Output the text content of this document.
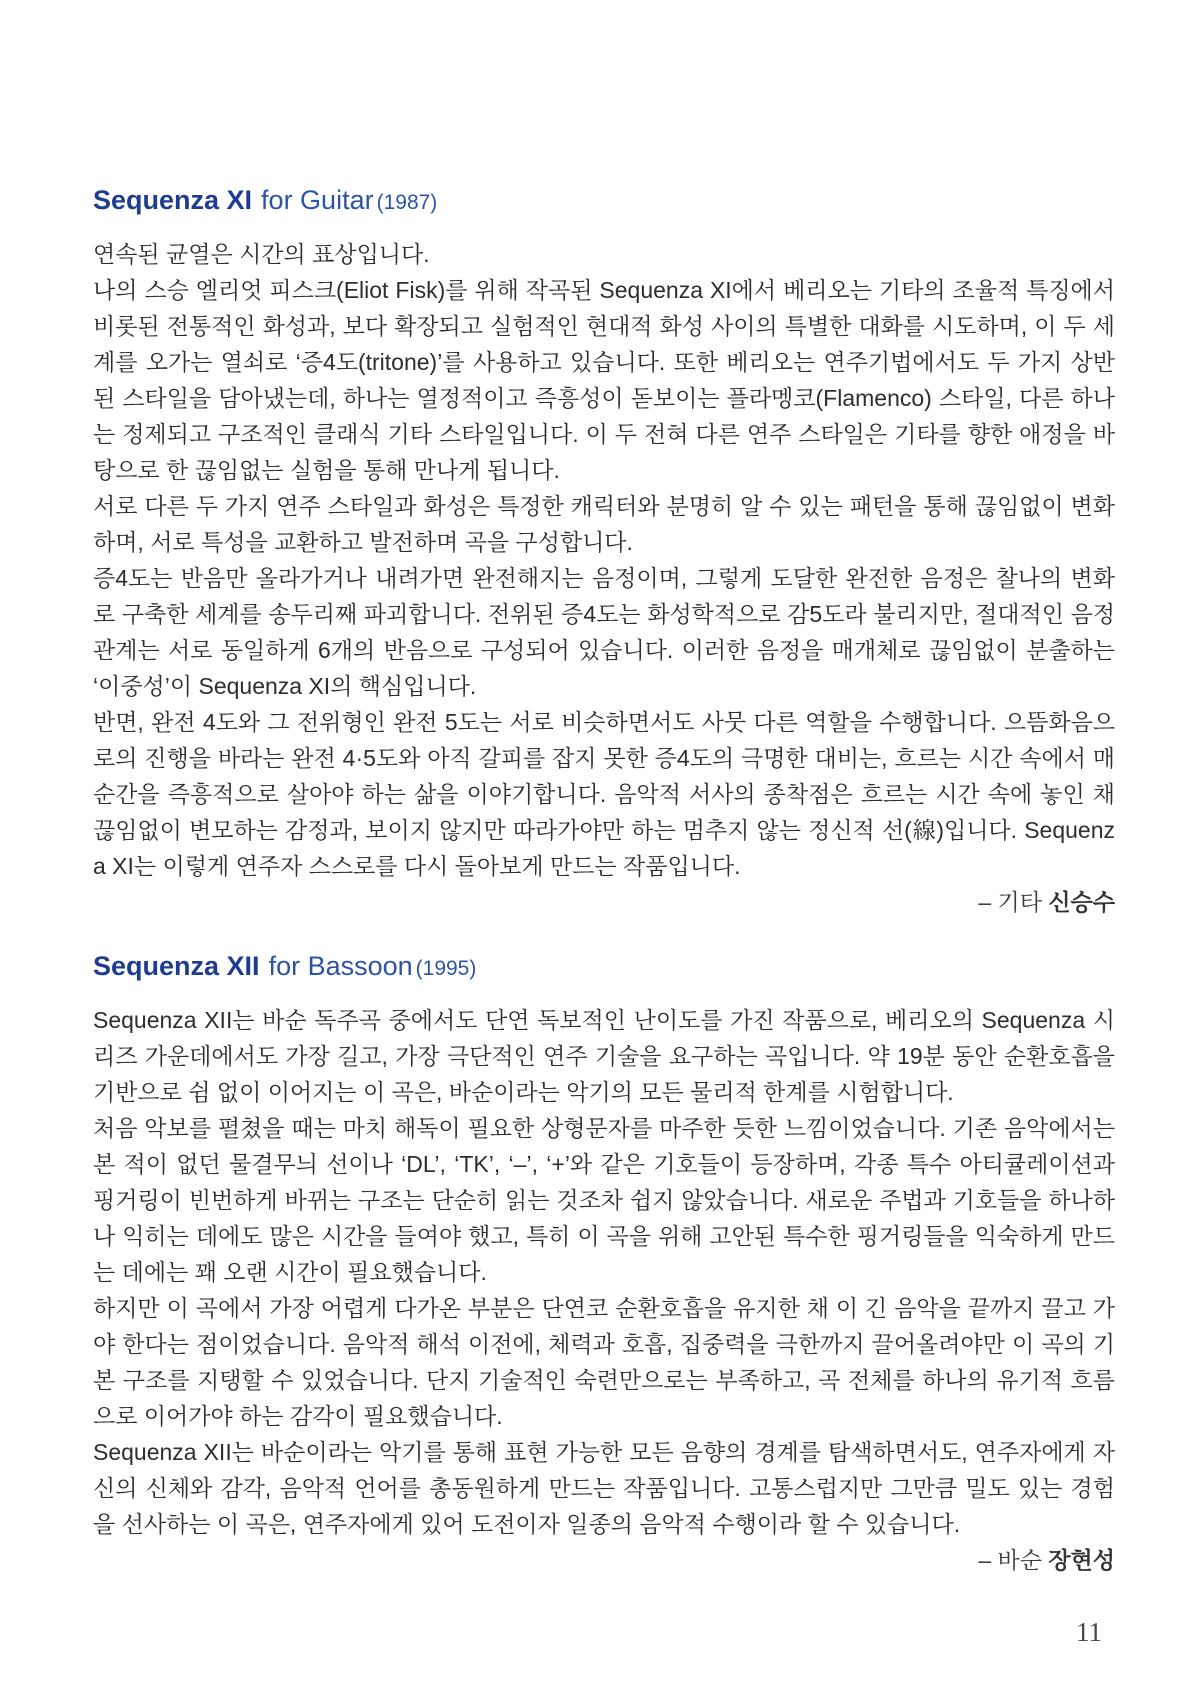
Sequenza XI for Guitar (1987)

연속된 균열은 시간의 표상입니다.

나의 스승 엘리엇 피스크(Eliot Fisk)를 위해 작곡된 Sequenza XI에서 베리오는 기타의 조율적 특징에서 비롯된 전통적인 화성과, 보다 확장되고 실험적인 현대적 화성 사이의 특별한 대화를 시도하며, 이 두 세계를 오가는 열쇠로 ‘증4도(tritone)’를 사용하고 있습니다. 또한 베리오는 연주기법에서도 두 가지 상반된 스타일을 담아냈는데, 하나는 열정적이고 즉흥성이 돋보이는 플라멩코(Flamenco) 스타일, 다른 하나는 정제되고 구조적인 클래식 기타 스타일입니다. 이 두 전혀 다른 연주 스타일은 기타를 향한 애정을 바탕으로 한 끊임없는 실험을 통해 만나게 됩니다.

서로 다른 두 가지 연주 스타일과 화성은 특정한 캐릭터와 분명히 알 수 있는 패턴을 통해 끊임없이 변화하며, 서로 특성을 교환하고 발전하며 곡을 구성합니다.

증4도는 반음만 올라가거나 내려가면 완전해지는 음정이며, 그렇게 도달한 완전한 음정은 찰나의 변화로 구축한 세계를 송두리째 파괴합니다. 전위된 증4도는 화성학적으로 감5도라 불리지만, 절대적인 음정 관계는 서로 동일하게 6개의 반음으로 구성되어 있습니다. 이러한 음정을 매개체로 끊임없이 분출하는 ‘이중성’이 Sequenza XI의 핵심입니다.

반면, 완전 4도와 그 전위형인 완전 5도는 서로 비슷하면서도 사뭇 다른 역할을 수행합니다. 으뜸화음으로의 진행을 바라는 완전 4·5도와 아직 갈피를 잡지 못한 증4도의 극명한 대비는, 흐르는 시간 속에서 매 순간을 즉흥적으로 살아야 하는 삶을 이야기합니다. 음악적 서사의 종착점은 흐르는 시간 속에 놓인 채 끊임없이 변모하는 감정과, 보이지 않지만 따라가야만 하는 멈추지 않는 정신적 선(線)입니다. Sequenza XI는 이렇게 연주자 스스로를 다시 돌아보게 만드는 작품입니다.

– 기타 신승수
Sequenza XII for Bassoon (1995)

Sequenza XII는 바순 독주곡 중에서도 단연 독보적인 난이도를 가진 작품으로, 베리오의 Sequenza 시리즈 가운데에서도 가장 길고, 가장 극단적인 연주 기술을 요구하는 곡입니다. 약 19분 동안 순환호흡을 기반으로 쉼 없이 이어지는 이 곡은, 바순이라는 악기의 모든 물리적 한계를 시험합니다.

처음 악보를 펼쳤을 때는 마치 해독이 필요한 상형문자를 마주한 듯한 느낌이었습니다. 기존 음악에서는 본 적이 없던 물결무늬 선이나 ‘DL’, ‘TK’, ‘–’, ‘+’와 같은 기호들이 등장하며, 각종 특수 아티큘레이션과 핑거링이 빈번하게 바뀌는 구조는 단순히 읽는 것조차 쉽지 않았습니다. 새로운 주법과 기호들을 하나하나 익히는 데에도 많은 시간을 들여야 했고, 특히 이 곡을 위해 고안된 특수한 핑거링들을 익숙하게 만드는 데에는 꽤 오랜 시간이 필요했습니다.

하지만 이 곡에서 가장 어렵게 다가온 부분은 단연코 순환호흡을 유지한 채 이 긴 음악을 끝까지 끌고 가야 한다는 점이었습니다. 음악적 해석 이전에, 체력과 호흡, 집중력을 극한까지 끌어올려야만 이 곡의 기본 구조를 지탱할 수 있었습니다. 단지 기술적인 숙련만으로는 부족하고, 곡 전체를 하나의 유기적 흐름으로 이어가야 하는 감각이 필요했습니다.

Sequenza XII는 바순이라는 악기를 통해 표현 가능한 모든 음향의 경계를 탐색하면서도, 연주자에게 자신의 신체와 감각, 음악적 언어를 총동원하게 만드는 작품입니다. 고통스럽지만 그만큼 밀도 있는 경험을 선사하는 이 곡은, 연주자에게 있어 도전이자 일종의 음악적 수행이라 할 수 있습니다.

– 바순 장현성
11
